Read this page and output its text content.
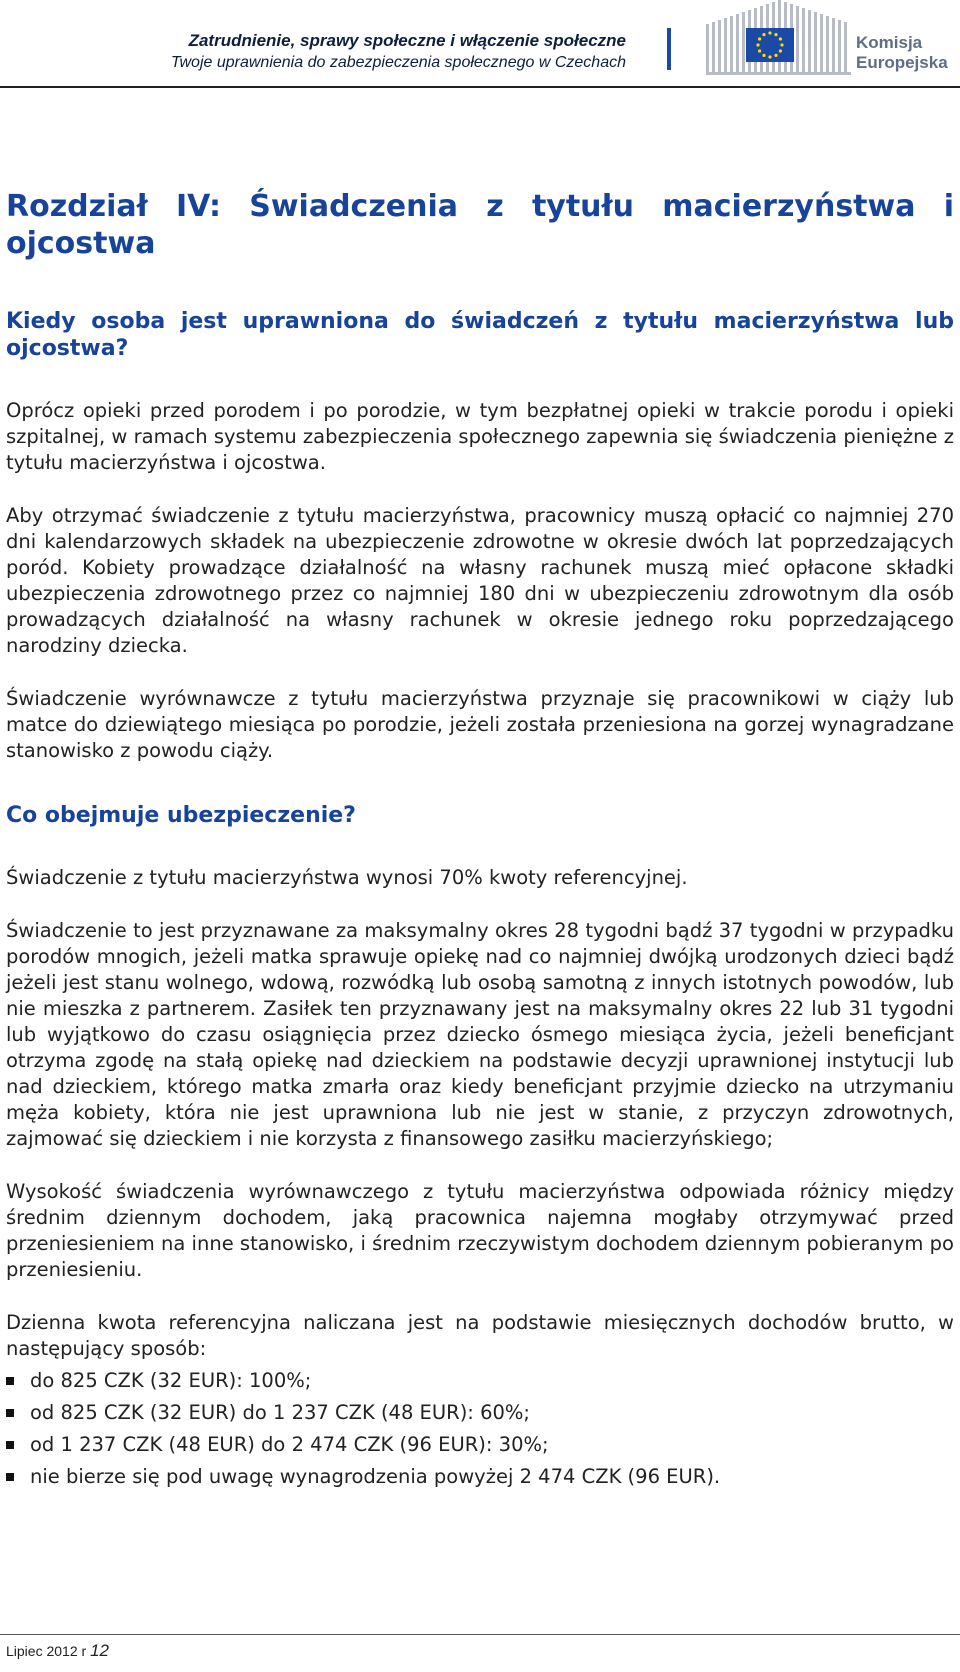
Zatrudnienie, sprawy społeczne i włączenie społeczne
Twoje uprawnienia do zabezpieczenia społecznego w Czechach
Komisja
Europejska
Rozdział IV: Świadczenia z tytułu macierzyństwa i ojcostwa
Kiedy osoba jest uprawniona do świadczeń z tytułu macierzyństwa lub ojcostwa?

Oprócz opieki przed porodem i po porodzie, w tym bezpłatnej opieki w trakcie porodu i opieki szpitalnej, w ramach systemu zabezpieczenia społecznego zapewnia się świadczenia pieniężne z tytułu macierzyństwa i ojcostwa.

Aby otrzymać świadczenie z tytułu macierzyństwa, pracownicy muszą opłacić co najmniej 270 dni kalendarzowych składek na ubezpieczenie zdrowotne w okresie dwóch lat poprzedzających poród. Kobiety prowadzące działalność na własny rachunek muszą mieć opłacone składki ubezpieczenia zdrowotnego przez co najmniej 180 dni w ubezpieczeniu zdrowotnym dla osób prowadzących działalność na własny rachunek w okresie jednego roku poprzedzającego narodziny dziecka.

Świadczenie wyrównawcze z tytułu macierzyństwa przyznaje się pracownikowi w ciąży lub matce do dziewiątego miesiąca po porodzie, jeżeli została przeniesiona na gorzej wynagradzane stanowisko z powodu ciąży.

Co obejmuje ubezpieczenie?

Świadczenie z tytułu macierzyństwa wynosi 70% kwoty referencyjnej.

Świadczenie to jest przyznawane za maksymalny okres 28 tygodni bądź 37 tygodni w przypadku porodów mnogich, jeżeli matka sprawuje opiekę nad co najmniej dwójką urodzonych dzieci bądź jeżeli jest stanu wolnego, wdową, rozwódką lub osobą samotną z innych istotnych powodów, lub nie mieszka z partnerem. Zasiłek ten przyznawany jest na maksymalny okres 22 lub 31 tygodni lub wyjątkowo do czasu osiągnięcia przez dziecko ósmego miesiąca życia, jeżeli beneficjant otrzyma zgodę na stałą opiekę nad dzieckiem na podstawie decyzji uprawnionej instytucji lub nad dzieckiem, którego matka zmarła oraz kiedy beneficjant przyjmie dziecko na utrzymaniu męża kobiety, która nie jest uprawniona lub nie jest w stanie, z przyczyn zdrowotnych, zajmować się dzieckiem i nie korzysta z finansowego zasiłku macierzyńskiego;

Wysokość świadczenia wyrównawczego z tytułu macierzyństwa odpowiada różnicy między średnim dziennym dochodem, jaką pracownica najemna mogłaby otrzymywać przed przeniesieniem na inne stanowisko, i średnim rzeczywistym dochodem dziennym pobieranym po przeniesieniu.

Dzienna kwota referencyjna naliczana jest na podstawie miesięcznych dochodów brutto, w następujący sposób:

do 825 CZK (32 EUR): 100%;
od 825 CZK (32 EUR) do 1 237 CZK (48 EUR): 60%;
od 1 237 CZK (48 EUR) do 2 474 CZK (96 EUR): 30%;
nie bierze się pod uwagę wynagrodzenia powyżej 2 474 CZK (96 EUR).
Lipiec 2012 r 12
